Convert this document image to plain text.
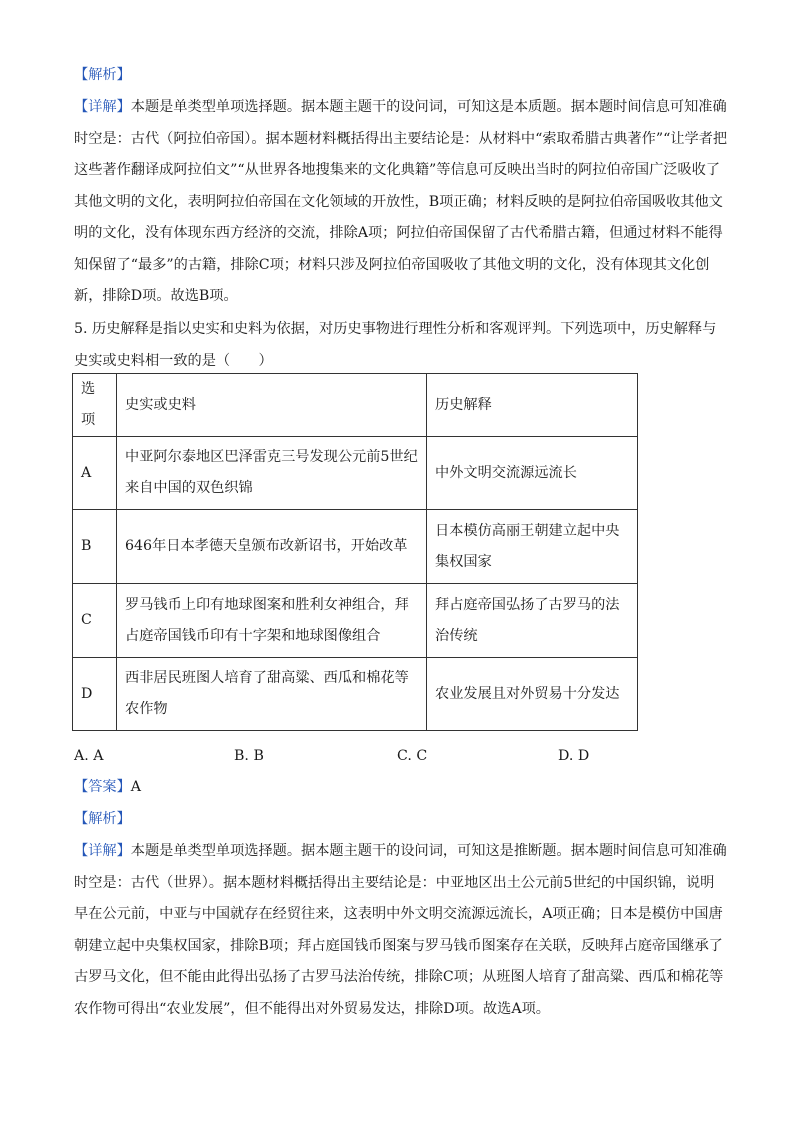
【解析】

【详解】本题是单类型单项选择题。据本题主题干的设问词，可知这是本质题。据本题时间信息可知准确时空是：古代（阿拉伯帝国）。据本题材料概括得出主要结论是：从材料中“索取希腊古典著作”“让学者把这些著作翻译成阿拉伯文”“从世界各地搜集来的文化典籍”等信息可反映出当时的阿拉伯帝国广泛吸收了其他文明的文化，表明阿拉伯帝国在文化领域的开放性，B项正确；材料反映的是阿拉伯帝国吸收其他文明的文化，没有体现东西方经济的交流，排除A项；阿拉伯帝国保留了古代希腊古籍，但通过材料不能得知保留了“最多”的古籍，排除C项；材料只涉及阿拉伯帝国吸收了其他文明的文化，没有体现其文化创新，排除D项。故选B项。

5. 历史解释是指以史实和史料为依据，对历史事物进行理性分析和客观评判。下列选项中，历史解释与史实或史料相一致的是（　　）

选项	史实或史料	历史解释
A	中亚阿尔泰地区巴泽雷克三号发现公元前5世纪来自中国的双色织锦	中外文明交流源远流长
B	646年日本孝德天皇颁布改新诏书，开始改革	日本模仿高丽王朝建立起中央集权国家
C	罗马钱币上印有地球图案和胜利女神组合，拜占庭帝国钱币印有十字架和地球图像组合	拜占庭帝国弘扬了古罗马的法治传统
D	西非居民班图人培育了甜高粱、西瓜和棉花等农作物	农业发展且对外贸易十分发达
A. A	B. B	C. C	D. D

【答案】A

【解析】

【详解】本题是单类型单项选择题。据本题主题干的设问词，可知这是推断题。据本题时间信息可知准确时空是：古代（世界）。据本题材料概括得出主要结论是：中亚地区出土公元前5世纪的中国织锦，说明早在公元前，中亚与中国就存在经贸往来，这表明中外文明交流源远流长，A项正确；日本是模仿中国唐朝建立起中央集权国家，排除B项；拜占庭国钱币图案与罗马钱币图案存在关联，反映拜占庭帝国继承了古罗马文化，但不能由此得出弘扬了古罗马法治传统，排除C项；从班图人培育了甜高粱、西瓜和棉花等农作物可得出“农业发展”，但不能得出对外贸易发达，排除D项。故选A项。
